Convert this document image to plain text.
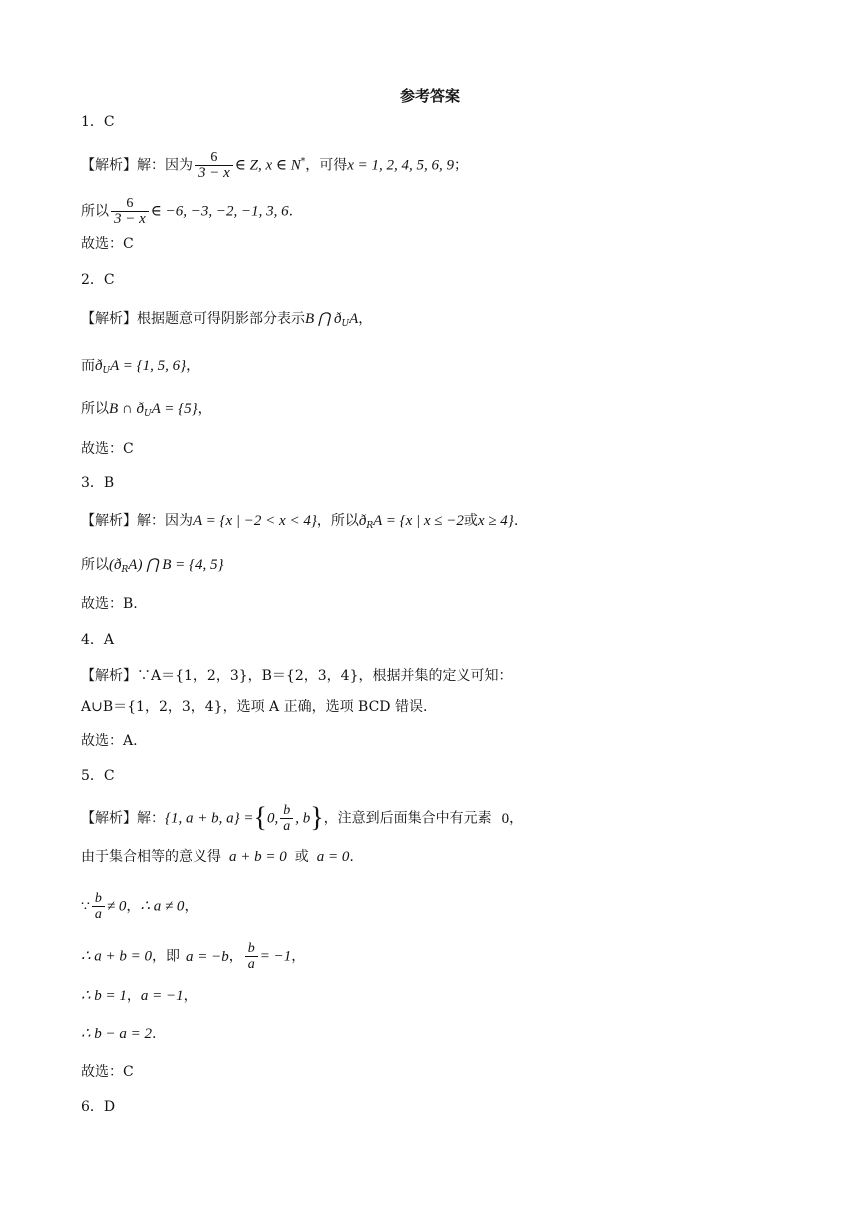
参考答案
1．C
【解析】解：因为 $\frac{6}{3 - x}$ ∈ Z, x ∈ N*，可得x = 1, 2, 4, 5, 6, 9；
所以 $\frac{6}{3 - x}$ ∈ −6, −3, −2, −1, 3, 6.
故选：C
2．C
【解析】根据题意可得阴影部分表示B ⋂ $ð_UA$，
而$ð_UA = \{1$, 5, 6}，
所以B ∩ $ð_UA = \{5\}$，
故选：C
3．B
【解析】解：因为A = {x | −2 < x < 4}，所以$ð_RA = \{x$ | x ≤ −2或x ≥ 4}.
所以$(ð_RA)$ ⋂ B = {4, 5}
故选：B.
4．A
【解析】∵A＝{1，2，3}，B＝{2，3，4}，根据并集的定义可知：
A∪B＝{1，2，3，4}，选项 A 正确，选项 BCD 错误.
故选：A.
5．C
【解析】解：{1, a + b, a} ={0, $\frac{b}{a}$ , b}，注意到后面集合中有元素 0，
由于集合相等的意义得 a + b = 0 或 a = 0.
∵ $\frac{b}{a} \ne 0$，∴ a ≠ 0，
∴ a + b = 0，即 a = −b， $\frac{b}{a} = -1$，
∴ b = 1，a = −1，
∴ b − a = 2.
故选：C
6．D
